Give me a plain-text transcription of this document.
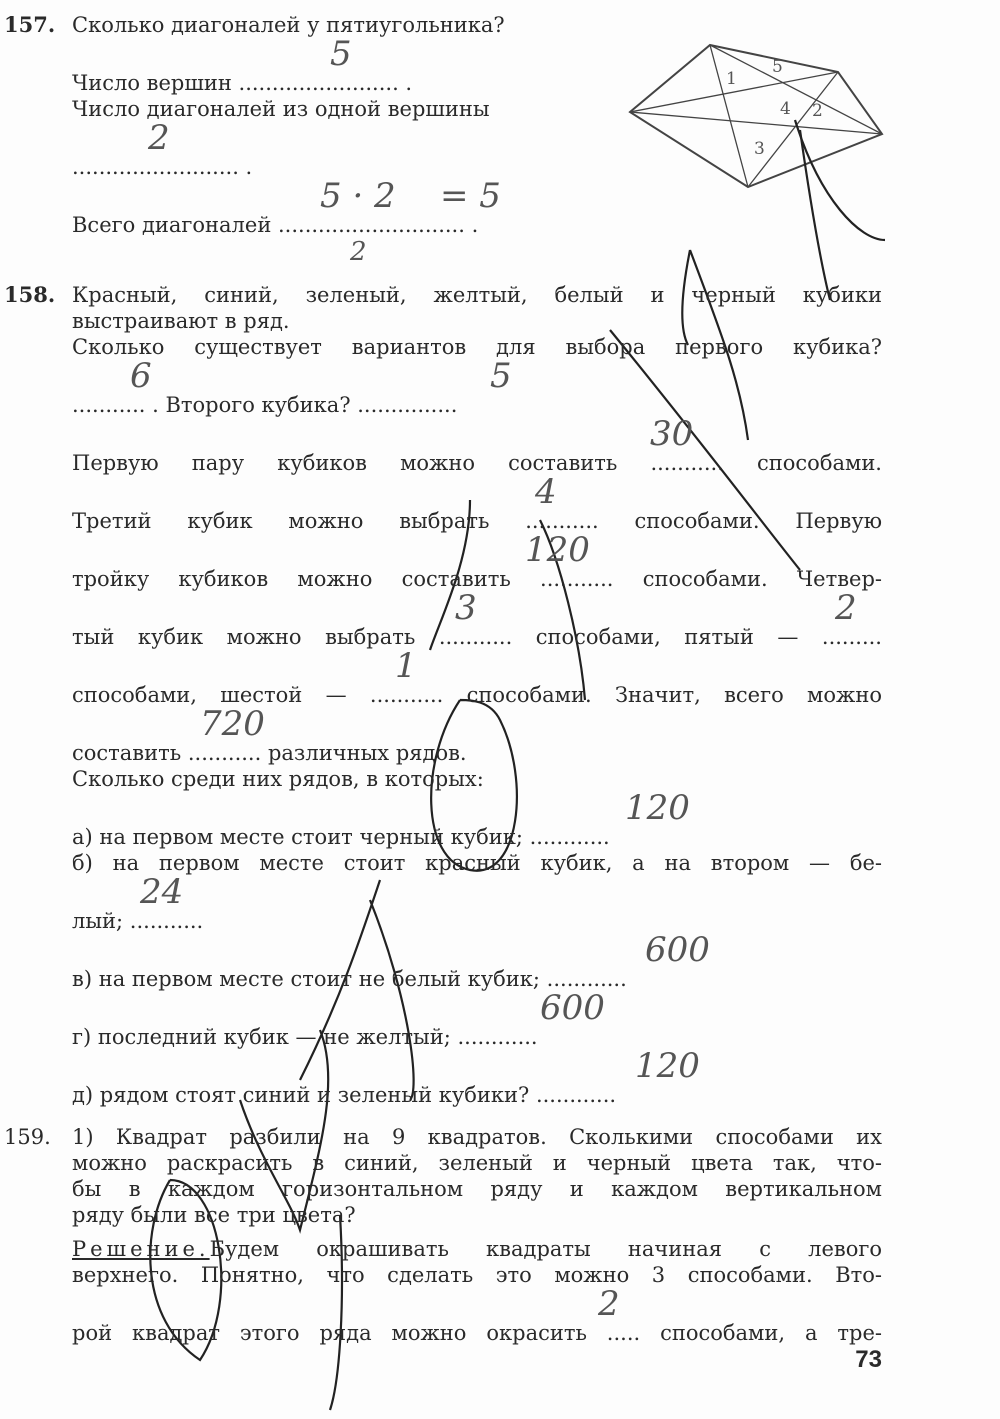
1
5
4 2
3
157. Сколько диагоналей у пятиугольника?
5
Число вершин ........................ .
Число диагоналей из одной вершины
2
......................... .
5 · 2 = 5
Всего диагоналей ............................ .
2
158. Красный, синий, зеленый, желтый, белый и черный кубики
выстраивают в ряд.
Сколько существует вариантов для выбора первого кубика?
6	5
........... . Второго кубика? ...............
30
Первую пару кубиков можно составить ........... способами.
4
Третий кубик можно выбрать ........... способами. Первую
120
тройку кубиков можно составить ........... способами. Четвер-
3	2
тый кубик можно выбрать ........... способами, пятый — .........
1
способами, шестой — ........... способами. Значит, всего можно
720
составить ........... различных рядов.
Сколько среди них рядов, в которых:
120
а) на первом месте стоит черный кубик; ............
б) на первом месте стоит красный кубик, а на втором — бе-
24
лый; ...........
600
в) на первом месте стоит не белый кубик; ............
600
г) последний кубик — не желтый; ............
120
д) рядом стоят синий и зеленый кубики? ............
159. 1) Квадрат разбили на 9 квадратов. Сколькими способами их
можно раскрасить в синий, зеленый и черный цвета так, что-
бы в каждом горизонтальном ряду и каждом вертикальном
ряду были все три цвета?
Решение. Будем окрашивать квадраты начиная с левого
верхнего. Понятно, что сделать это можно 3 способами. Вто-
2
рой квадрат этого ряда можно окрасить ..... способами, а тре-
73
